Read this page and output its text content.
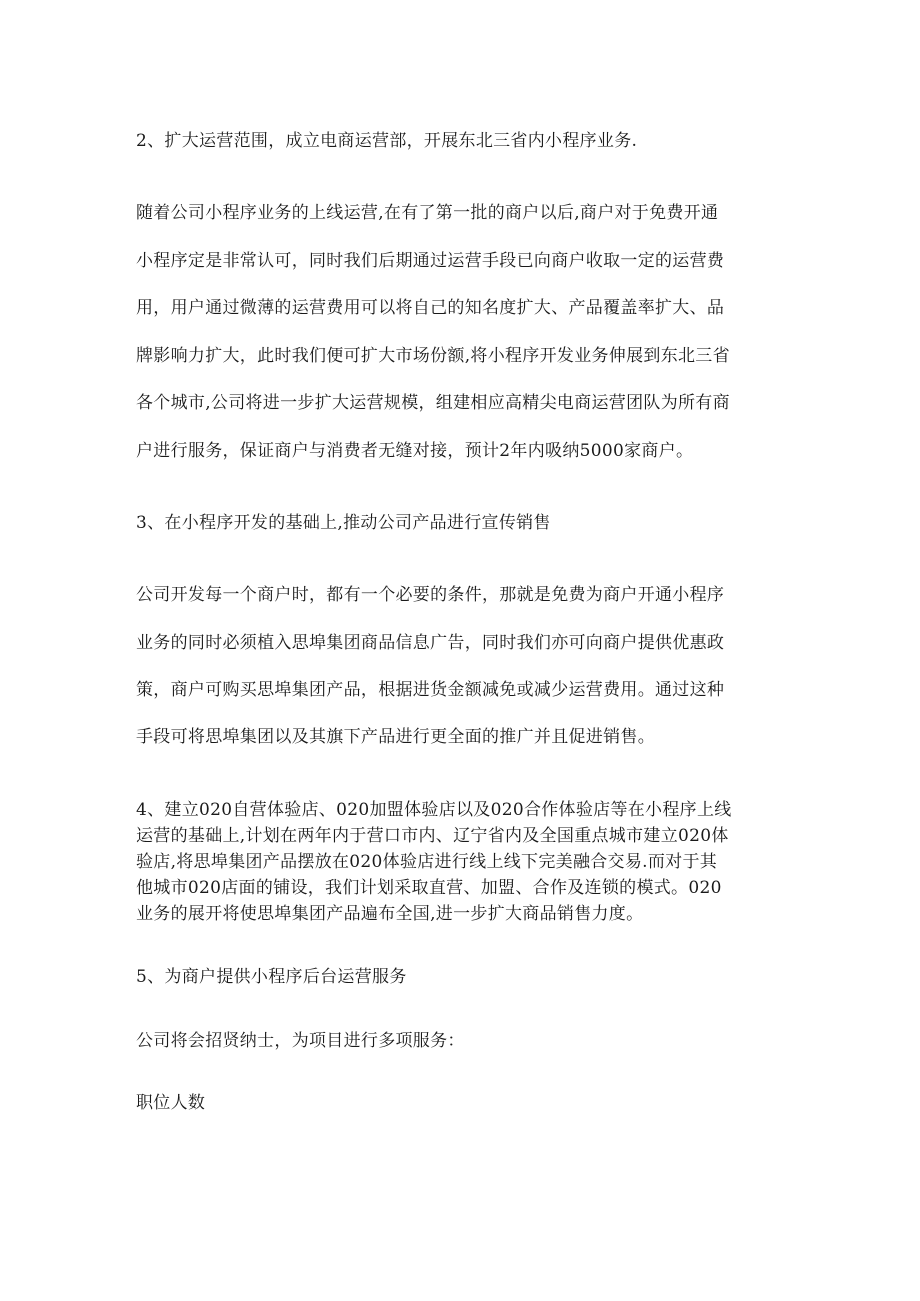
2、扩大运营范围，成立电商运营部，开展东北三省内小程序业务.
随着公司小程序业务的上线运营,在有了第一批的商户以后,商户对于免费开通
小程序定是非常认可，同时我们后期通过运营手段已向商户收取一定的运营费
用，用户通过微薄的运营费用可以将自己的知名度扩大、产品覆盖率扩大、品
牌影响力扩大，此时我们便可扩大市场份额,将小程序开发业务伸展到东北三省
各个城市,公司将进一步扩大运营规模，组建相应高精尖电商运营团队为所有商
户进行服务，保证商户与消费者无缝对接，预计2年内吸纳5000家商户。
3、在小程序开发的基础上,推动公司产品进行宣传销售
公司开发每一个商户时，都有一个必要的条件，那就是免费为商户开通小程序
业务的同时必须植入思埠集团商品信息广告，同时我们亦可向商户提供优惠政
策，商户可购买思埠集团产品，根据进货金额减免或减少运营费用。通过这种
手段可将思埠集团以及其旗下产品进行更全面的推广并且促进销售。
4、建立020自营体验店、020加盟体验店以及020合作体验店等在小程序上线
运营的基础上,计划在两年内于营口市内、辽宁省内及全国重点城市建立020体
验店,将思埠集团产品摆放在020体验店进行线上线下完美融合交易.而对于其
他城市020店面的铺设，我们计划采取直营、加盟、合作及连锁的模式。020
业务的展开将使思埠集团产品遍布全国,进一步扩大商品销售力度。
5、为商户提供小程序后台运营服务
公司将会招贤纳士，为项目进行多项服务：
职位人数
